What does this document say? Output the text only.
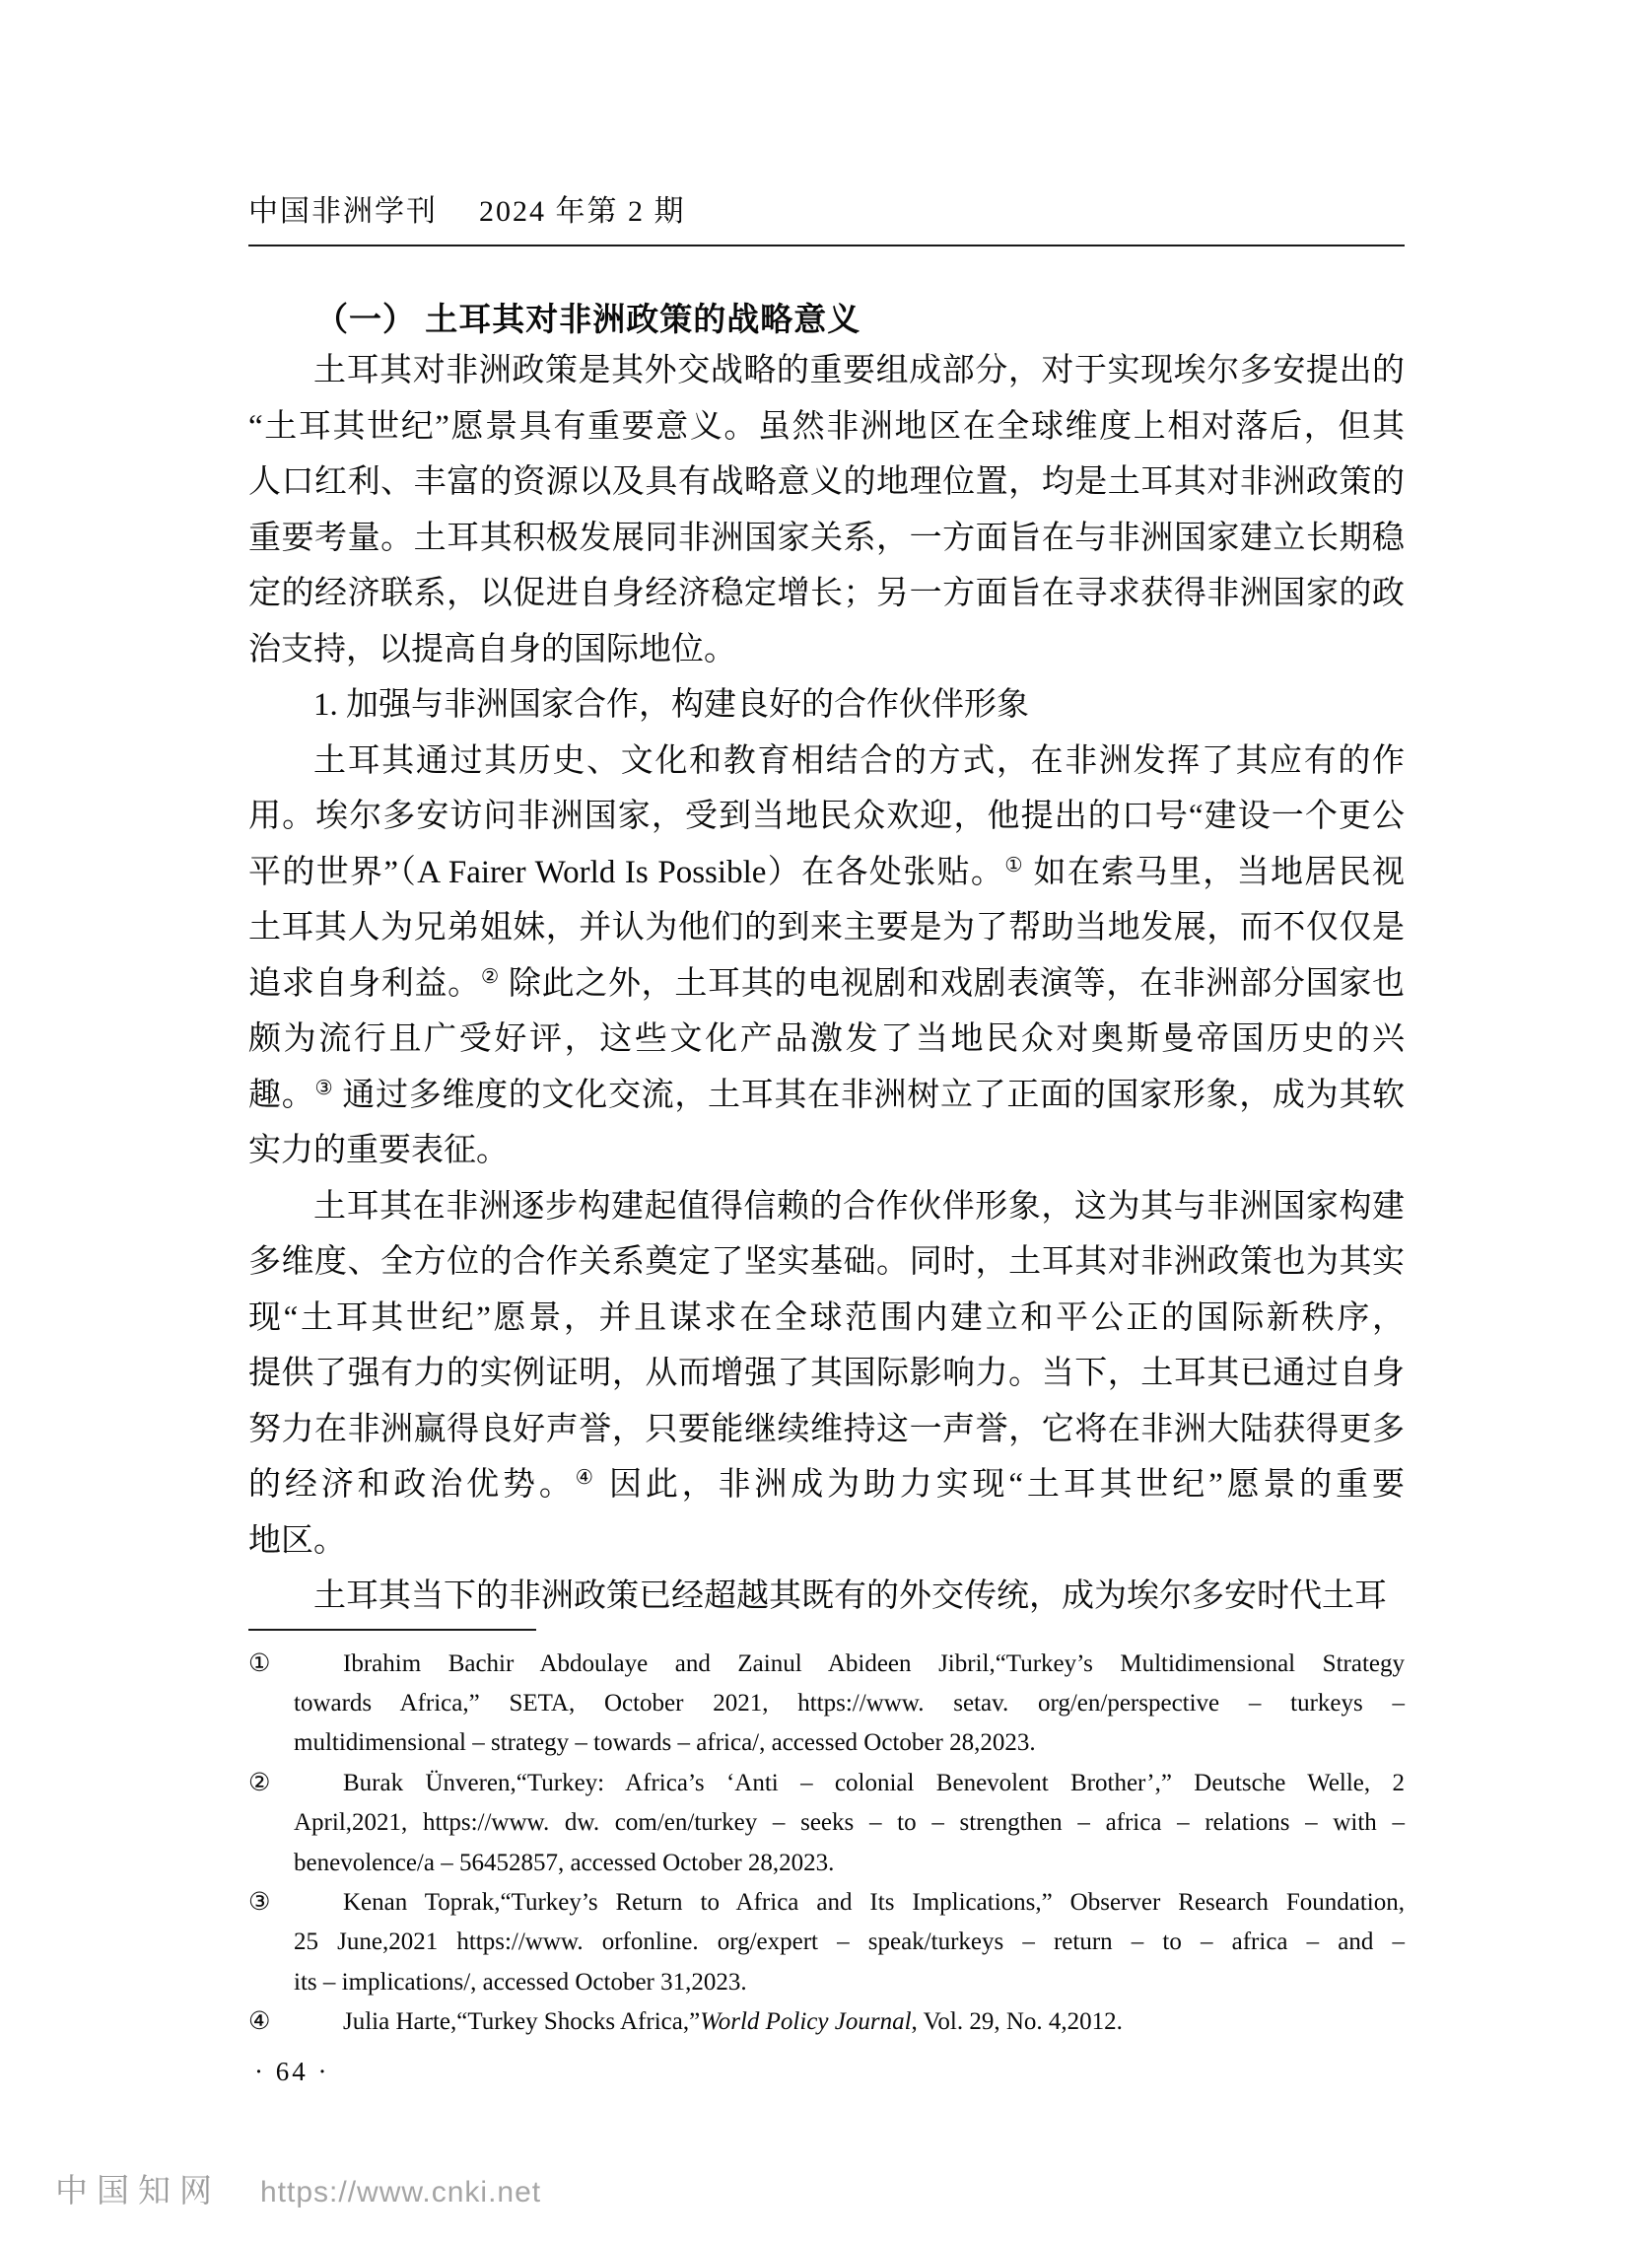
中国非洲学刊 2024 年第 2 期
（一） 土耳其对非洲政策的战略意义
土耳其对非洲政策是其外交战略的重要组成部分，对于实现埃尔多安提出的
“土耳其世纪”愿景具有重要意义。虽然非洲地区在全球维度上相对落后，但其
人口红利、丰富的资源以及具有战略意义的地理位置，均是土耳其对非洲政策的
重要考量。土耳其积极发展同非洲国家关系，一方面旨在与非洲国家建立长期稳
定的经济联系，以促进自身经济稳定增长；另一方面旨在寻求获得非洲国家的政
治支持，以提高自身的国际地位。
1. 加强与非洲国家合作，构建良好的合作伙伴形象
土耳其通过其历史、文化和教育相结合的方式，在非洲发挥了其应有的作
用。埃尔多安访问非洲国家，受到当地民众欢迎，他提出的口号“建设一个更公
平的世界”（A Fairer World Is Possible）在各处张贴。① 如在索马里，当地居民视
土耳其人为兄弟姐妹，并认为他们的到来主要是为了帮助当地发展，而不仅仅是
追求自身利益。② 除此之外，土耳其的电视剧和戏剧表演等，在非洲部分国家也
颇为流行且广受好评，这些文化产品激发了当地民众对奥斯曼帝国历史的兴
趣。③ 通过多维度的文化交流，土耳其在非洲树立了正面的国家形象，成为其软
实力的重要表征。
土耳其在非洲逐步构建起值得信赖的合作伙伴形象，这为其与非洲国家构建
多维度、全方位的合作关系奠定了坚实基础。同时，土耳其对非洲政策也为其实
现“土耳其世纪”愿景，并且谋求在全球范围内建立和平公正的国际新秩序，
提供了强有力的实例证明，从而增强了其国际影响力。当下，土耳其已通过自身
努力在非洲赢得良好声誉，只要能继续维持这一声誉，它将在非洲大陆获得更多
的经济和政治优势。④ 因此，非洲成为助力实现“土耳其世纪”愿景的重要
地区。
土耳其当下的非洲政策已经超越其既有的外交传统，成为埃尔多安时代土耳
①	Ibrahim Bachir Abdoulaye and Zainul Abideen Jibril,“Turkey’s Multidimensional Strategy
towards Africa,” SETA, October 2021, https://www. setav. org/en/perspective – turkeys –
multidimensional – strategy – towards – africa/, accessed October 28,2023.
②	Burak Ünveren,“Turkey: Africa’s ‘Anti – colonial Benevolent Brother’,” Deutsche Welle, 2
April,2021, https://www. dw. com/en/turkey – seeks – to – strengthen – africa – relations – with –
benevolence/a – 56452857, accessed October 28,2023.
③	Kenan Toprak,“Turkey’s Return to Africa and Its Implications,” Observer Research Foundation,
25 June,2021 https://www. orfonline. org/expert – speak/turkeys – return – to – africa – and –
its – implications/, accessed October 31,2023.
④	Julia Harte,“Turkey Shocks Africa,”World Policy Journal, Vol. 29, No. 4,2012.
· 64 ·
中国知网 https://www.cnki.net
